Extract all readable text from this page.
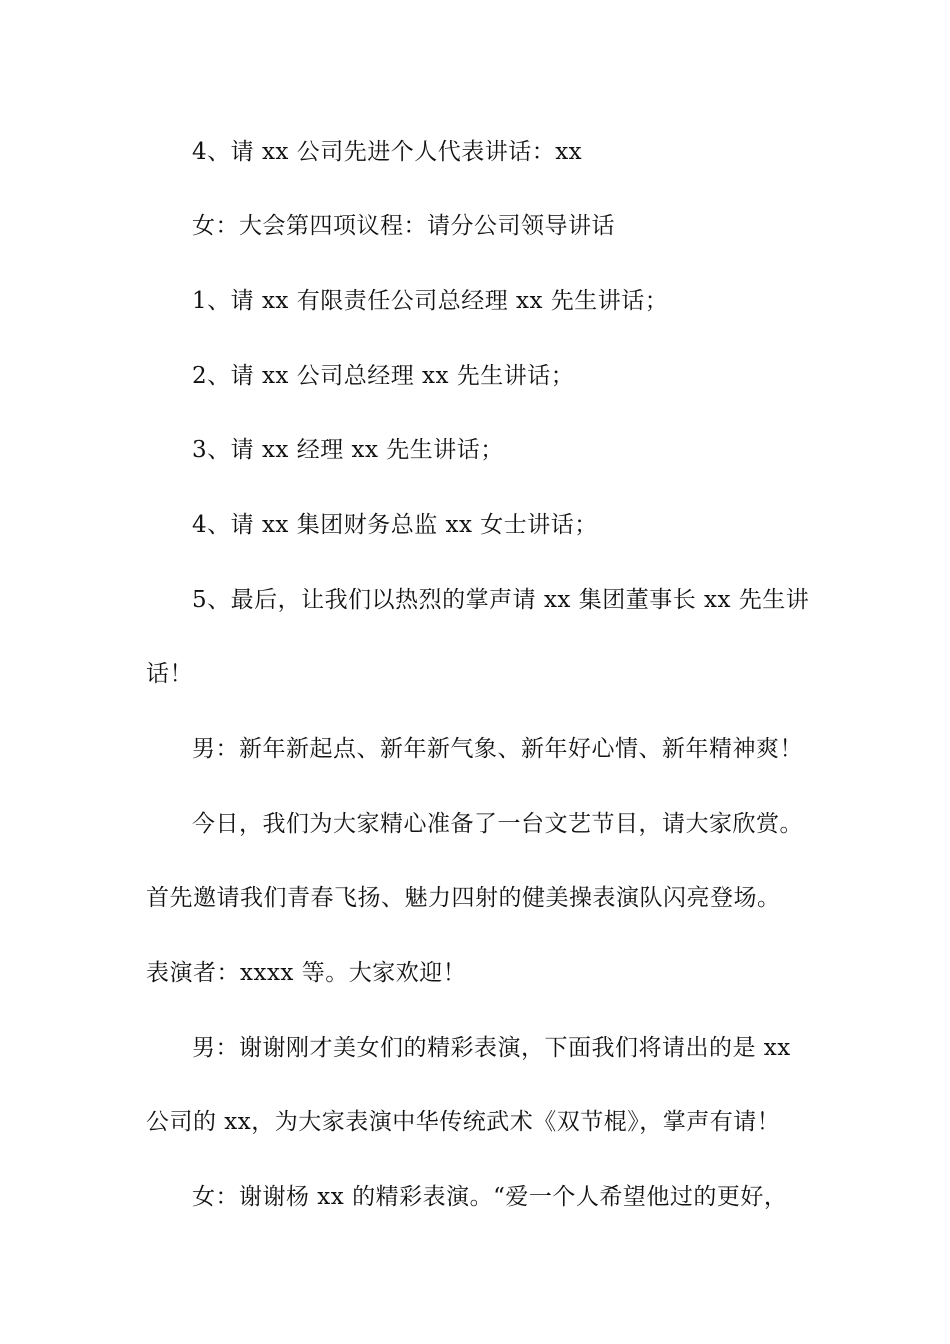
4、请 xx 公司先进个人代表讲话：xx
女：大会第四项议程：请分公司领导讲话
1、请 xx 有限责任公司总经理 xx 先生讲话；
2、请 xx 公司总经理 xx 先生讲话；
3、请 xx 经理 xx 先生讲话；
4、请 xx 集团财务总监 xx 女士讲话；
5、最后，让我们以热烈的掌声请 xx 集团董事长 xx 先生讲
话！
男：新年新起点、新年新气象、新年好心情、新年精神爽！
今日，我们为大家精心准备了一台文艺节目，请大家欣赏。
首先邀请我们青春飞扬、魅力四射的健美操表演队闪亮登场。
表演者：xxxx 等。大家欢迎！
男：谢谢刚才美女们的精彩表演，下面我们将请出的是 xx
公司的 xx，为大家表演中华传统武术《双节棍》，掌声有请！
女：谢谢杨 xx 的精彩表演。“爱一个人希望他过的更好，
